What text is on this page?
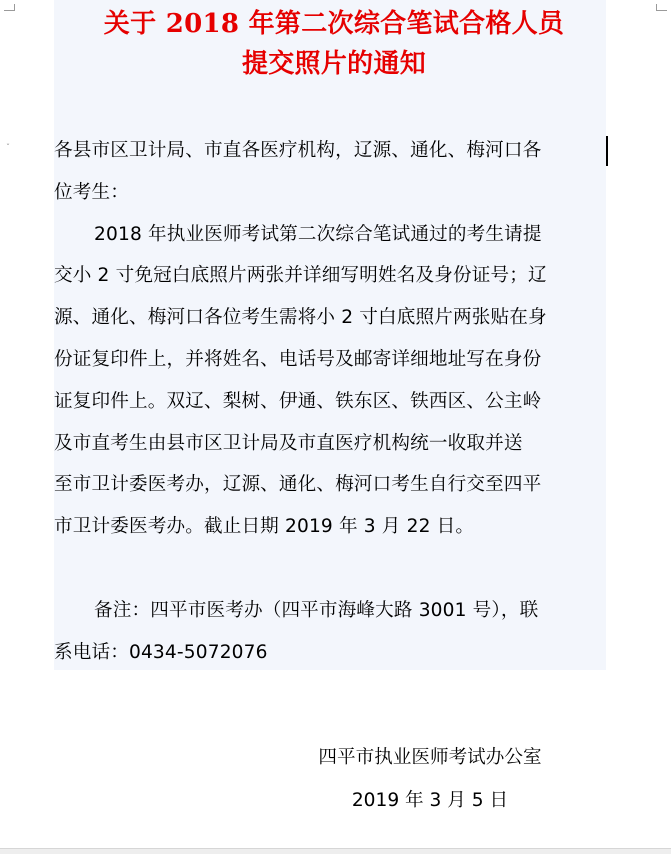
ˇ
关于 2018 年第二次综合笔试合格人员
提交照片的通知

各县市区卫计局、市直各医疗机构，辽源、通化、梅河口各
位考生：

2018 年执业医师考试第二次综合笔试通过的考生请提
交小 2 寸免冠白底照片两张并详细写明姓名及身份证号；辽
源、通化、梅河口各位考生需将小 2 寸白底照片两张贴在身
份证复印件上，并将姓名、电话号及邮寄详细地址写在身份
证复印件上。双辽、梨树、伊通、铁东区、铁西区、公主岭
及市直考生由县市区卫计局及市直医疗机构统一收取并送
至市卫计委医考办，辽源、通化、梅河口考生自行交至四平
市卫计委医考办。截止日期 2019 年 3 月 22 日。

备注：四平市医考办（四平市海峰大路 3001 号），联
系电话：0434-5072076

四平市执业医师考试办公室
2019 年 3 月 5 日
